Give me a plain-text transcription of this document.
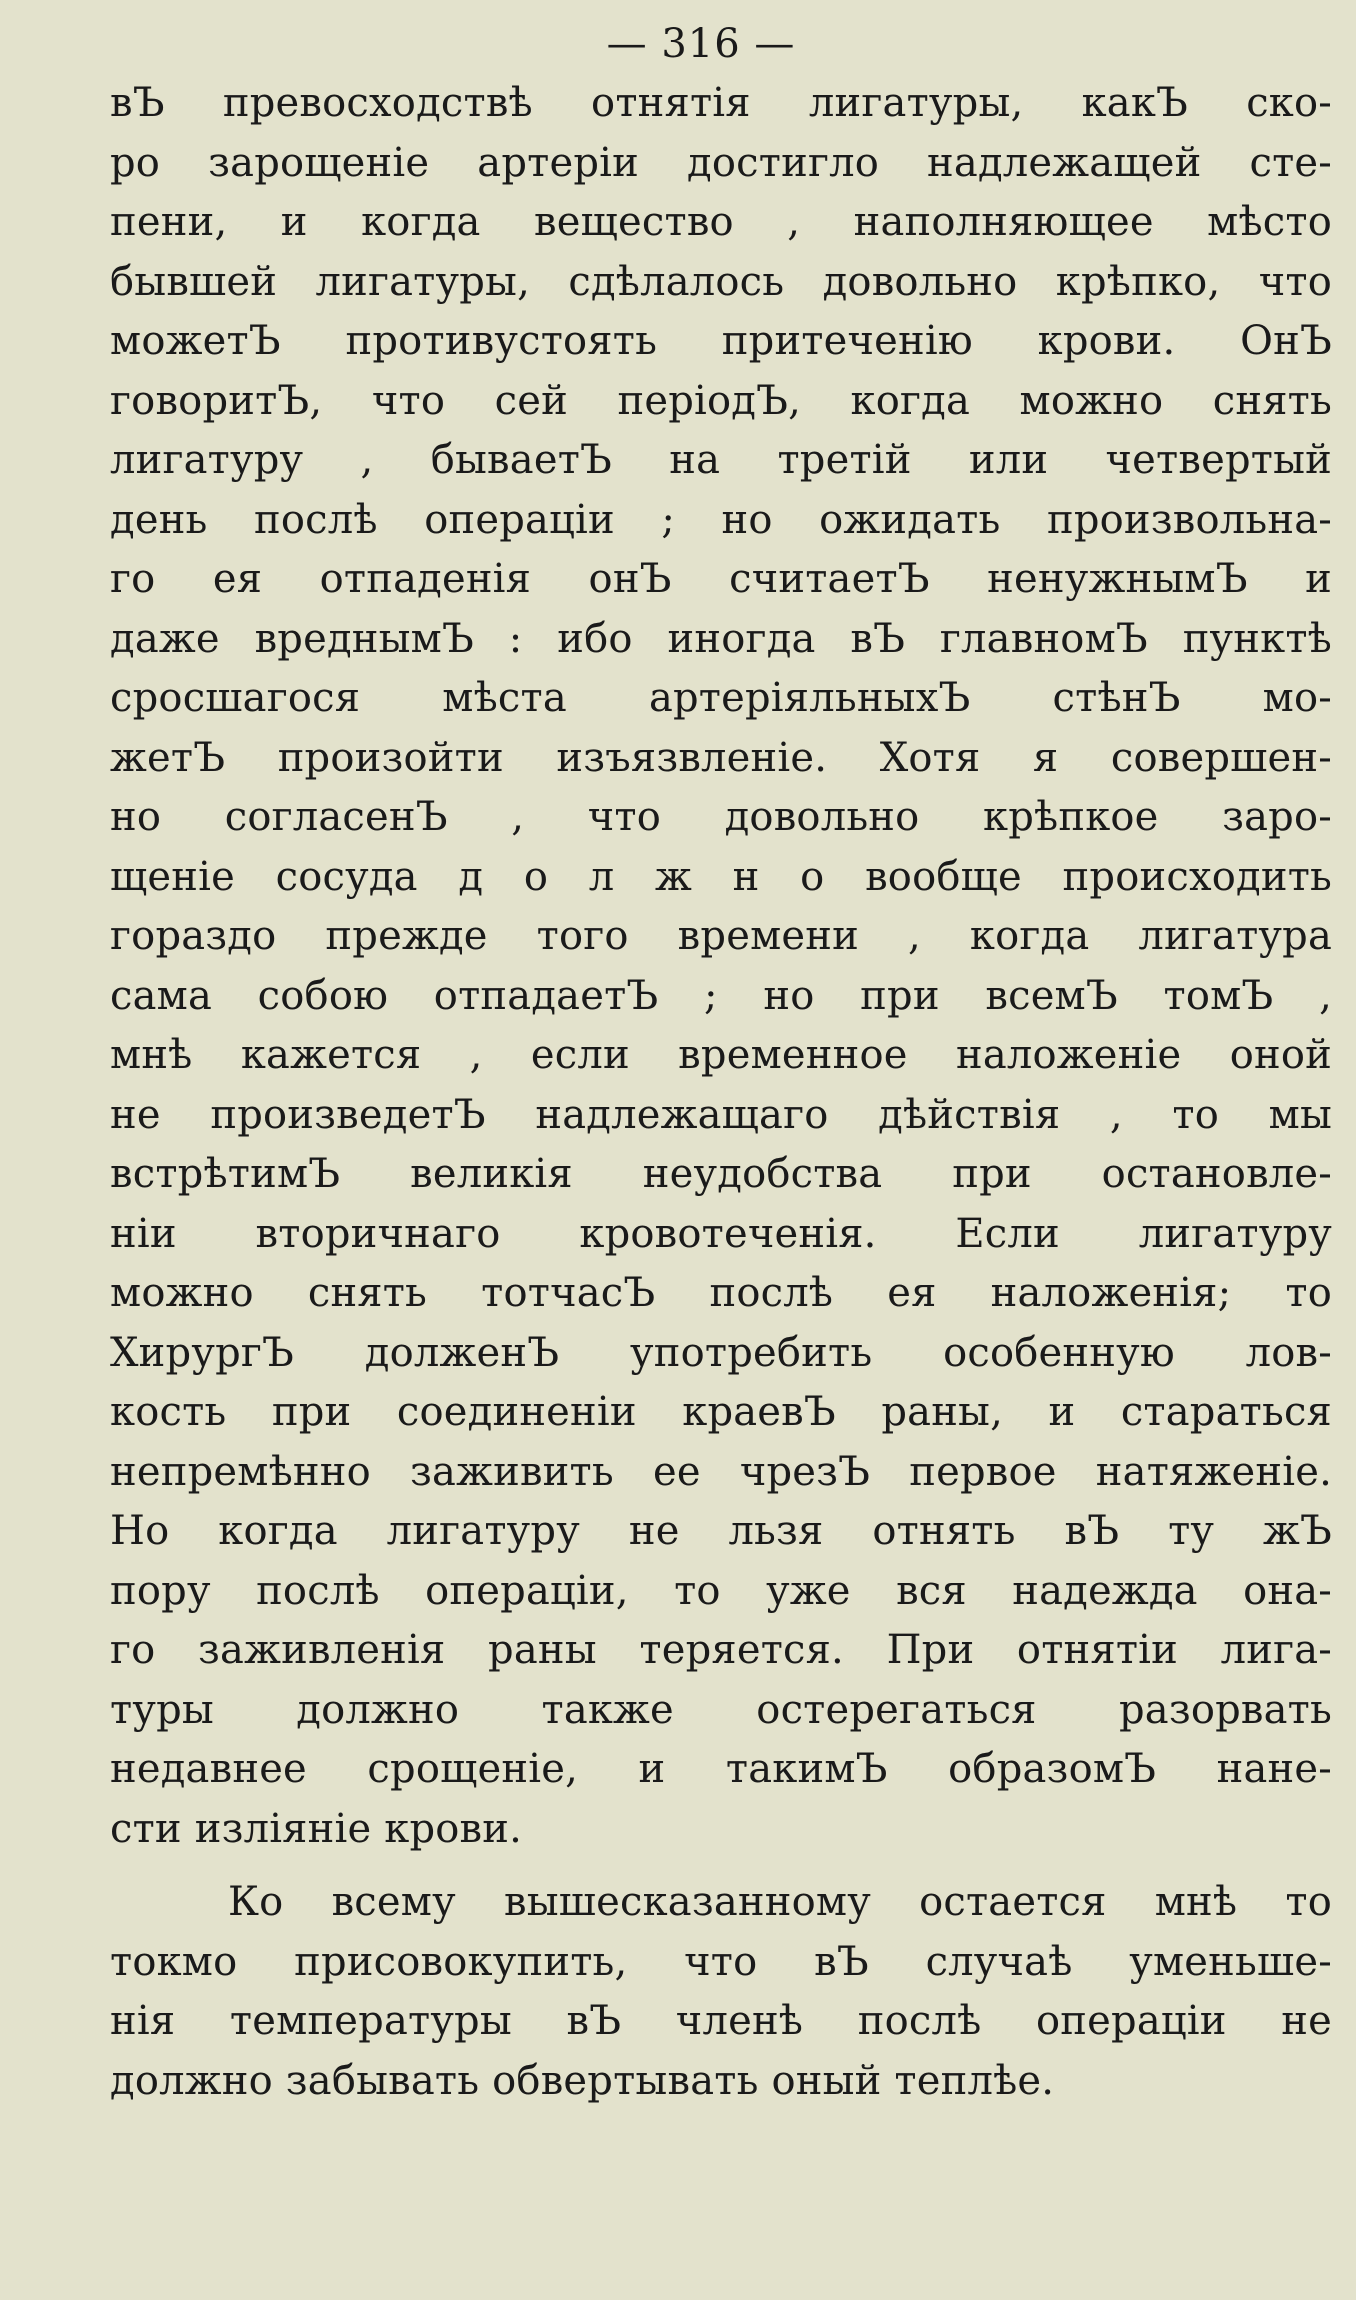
— 316 —
вЪ превосходствѣ отнятія лигатуры, какЪ ско-
ро зарощеніе артеріи достигло надлежащей сте-
пени, и когда вещество , наполняющее мѣсто
бывшей лигатуры, сдѣлалось довольно крѣпко, что
можетЪ противустоять притеченію крови. ОнЪ
говоритЪ, что сей періодЪ, когда можно снять
лигатуру , бываетЪ на третій или четвертый
день послѣ операціи ; но ожидать произвольна-
го ея отпаденія онЪ считаетЪ ненужнымЪ и
даже вреднымЪ : ибо иногда вЪ главномЪ пунктѣ
сросшагося мѣста артеріяльныхЪ стѣнЪ мо-
жетЪ произойти изъязвленіе. Хотя я совершен-
но согласенЪ , что довольно крѣпкое заро-
щеніе сосуда д о л ж н о вообще происходить
гораздо прежде того времени , когда лигатура
сама собою отпадаетЪ ; но при всемЪ томЪ ,
мнѣ кажется , если временное наложеніе оной
не произведетЪ надлежащаго дѣйствія , то мы
встрѣтимЪ великія неудобства при остановле-
ніи вторичнаго кровотеченія. Если лигатуру
можно снять тотчасЪ послѣ ея наложенія; то
ХирургЪ долженЪ употребить особенную лов-
кость при соединеніи краевЪ раны, и стараться
непремѣнно заживить ее чрезЪ первое натяженіе.
Но когда лигатуру не льзя отнять вЪ ту жЪ
пору послѣ операціи, то уже вся надежда она-
го заживленія раны теряется. При отнятіи лига-
туры должно также остерегаться разорвать
недавнее срощеніе, и такимЪ образомЪ нане-
сти изліяніе крови.
Ко всему вышесказанному остается мнѣ то
токмо присовокупить, что вЪ случаѣ уменьше-
нія температуры вЪ членѣ послѣ операціи не
должно забывать обвертывать оный теплѣе.
